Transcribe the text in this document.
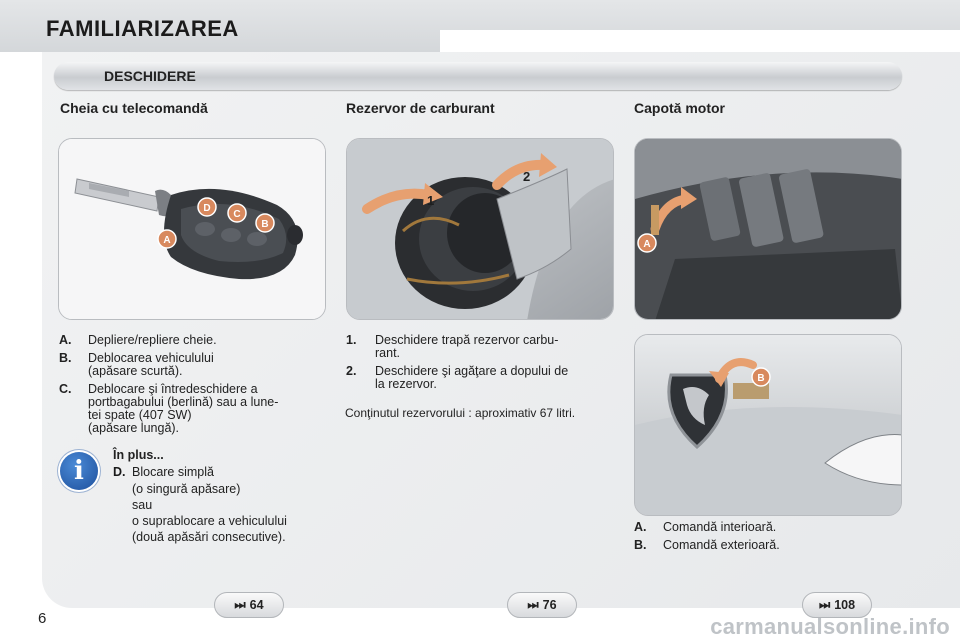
FAMILIARIZAREA
DESCHIDERE
Cheia cu telecomandă	Rezervor de carburant	Capotă motor
A
B
C
D
1
2
A
B
A.	Depliere/repliere cheie.
B.	Deblocarea vehiculului
(apăsare scurtă).
C.	Deblocare şi întredeschidere a
portbagabului (berlină) sau a lune-
tei spate (407 SW)
(apăsare lungă).
1.	Deschidere trapă rezervor carbu-
rant.
2.	Deschidere şi agăţare a dopului de
la rezervor.
Conţinutul rezervorului : aproximativ 67 litri.
A.	Comandă interioară.
B.	Comandă exterioară.
i
În plus...
D. Blocare simplă
(o singură apăsare)
sau
o suprablocare a vehiculului
(două apăsări consecutive).
⏭ 64	⏭ 76	⏭ 108
6	carmanualsonline.info
